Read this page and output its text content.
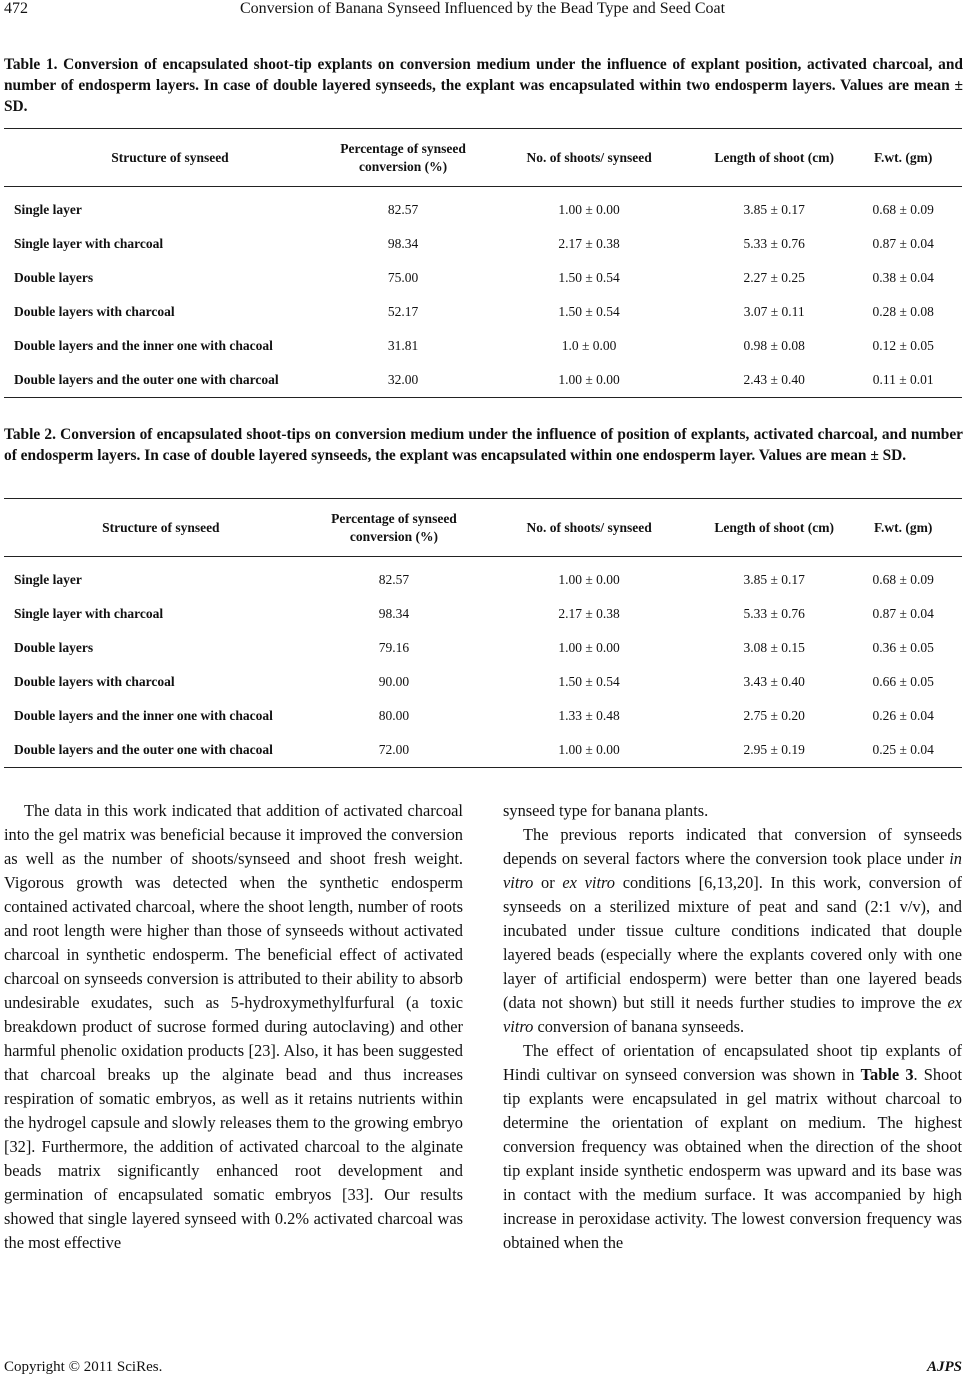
472	Conversion of Banana Synseed Influenced by the Bead Type and Seed Coat
Table 1. Conversion of encapsulated shoot-tip explants on conversion medium under the influence of explant position, activated charcoal, and number of endosperm layers. In case of double layered synseeds, the explant was encapsulated within two endosperm layers. Values are mean ± SD.
Structure of synseed	Percentage of synseed conversion (%)	No. of shoots/ synseed	Length of shoot (cm)	F.wt. (gm)
Single layer	82.57	1.00 ± 0.00	3.85 ± 0.17	0.68 ± 0.09
Single layer with charcoal	98.34	2.17 ± 0.38	5.33 ± 0.76	0.87 ± 0.04
Double layers	75.00	1.50 ± 0.54	2.27 ± 0.25	0.38 ± 0.04
Double layers with charcoal	52.17	1.50 ± 0.54	3.07 ± 0.11	0.28 ± 0.08
Double layers and the inner one with chacoal	31.81	1.0 ± 0.00	0.98 ± 0.08	0.12 ± 0.05
Double layers and the outer one with charcoal	32.00	1.00 ± 0.00	2.43 ± 0.40	0.11 ± 0.01
Table 2. Conversion of encapsulated shoot-tips on conversion medium under the influence of position of explants, activated charcoal, and number of endosperm layers. In case of double layered synseeds, the explant was encapsulated within one endosperm layer. Values are mean ± SD.
Structure of synseed	Percentage of synseed conversion (%)	No. of shoots/ synseed	Length of shoot (cm)	F.wt. (gm)
Single layer	82.57	1.00 ± 0.00	3.85 ± 0.17	0.68 ± 0.09
Single layer with charcoal	98.34	2.17 ± 0.38	5.33 ± 0.76	0.87 ± 0.04
Double layers	79.16	1.00 ± 0.00	3.08 ± 0.15	0.36 ± 0.05
Double layers with charcoal	90.00	1.50 ± 0.54	3.43 ± 0.40	0.66 ± 0.05
Double layers and the inner one with chacoal	80.00	1.33 ± 0.48	2.75 ± 0.20	0.26 ± 0.04
Double layers and the outer one with chacoal	72.00	1.00 ± 0.00	2.95 ± 0.19	0.25 ± 0.04

The data in this work indicated that addition of activated charcoal into the gel matrix was beneficial because it improved the conversion as well as the number of shoots/synseed and shoot fresh weight. Vigorous growth was detected when the synthetic endosperm contained activated charcoal, where the shoot length, number of roots and root length were higher than those of synseeds without activated charcoal in synthetic endosperm. The beneficial effect of activated charcoal on synseeds conversion is attributed to their ability to absorb undesirable exudates, such as 5-hydroxymethylfurfural (a toxic breakdown product of sucrose formed during autoclaving) and other harmful phenolic oxidation products [23]. Also, it has been suggested that charcoal breaks up the alginate bead and thus increases respiration of somatic embryos, as well as it retains nutrients within the hydrogel capsule and slowly releases them to the growing embryo [32]. Furthermore, the addition of activated charcoal to the alginate beads matrix significantly enhanced root development and germination of encapsulated somatic embryos [33]. Our results showed that single layered synseed with 0.2% activated charcoal was the most effective

synseed type for banana plants.

The previous reports indicated that conversion of synseeds depends on several factors where the conversion took place under in vitro or ex vitro conditions [6,13,20]. In this work, conversion of synseeds on a sterilized mixture of peat and sand (2:1 v/v), and incubated under tissue culture conditions indicated that douple layered beads (especially where the explants covered only with one layer of artificial endosperm) were better than one layered beads (data not shown) but still it needs further studies to improve the ex vitro conversion of banana synseeds.

The effect of orientation of encapsulated shoot tip explants of Hindi cultivar on synseed conversion was shown in Table 3. Shoot tip explants were encapsulated in gel matrix without charcoal to determine the orientation of explant on medium. The highest conversion frequency was obtained when the direction of the shoot tip explant inside synthetic endosperm was upward and its base was in contact with the medium surface. It was accompanied by high increase in peroxidase activity. The lowest conversion frequency was obtained when the

Copyright © 2011 SciRes.	AJPS
